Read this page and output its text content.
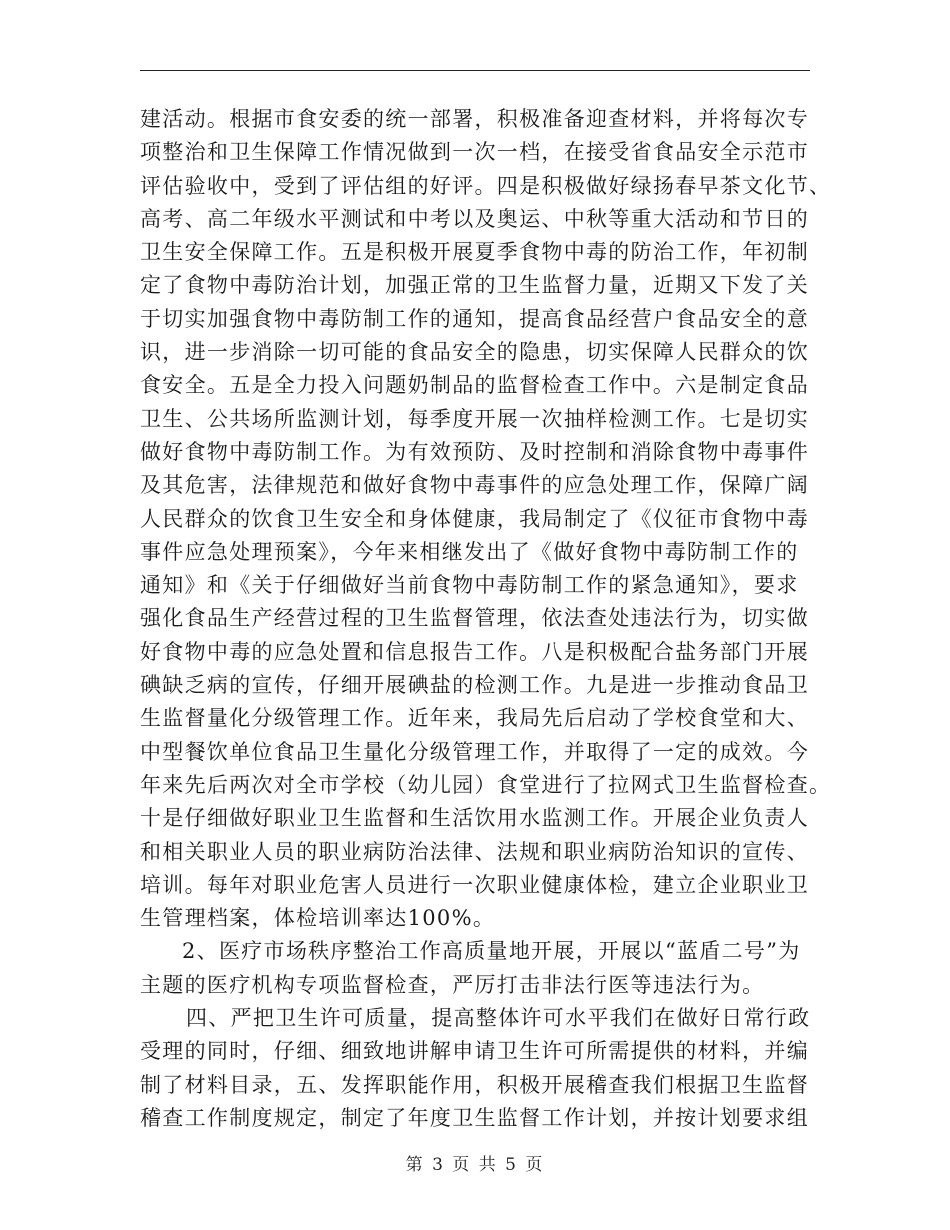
建活动。根据市食安委的统一部署，积极准备迎查材料，并将每次专
项整治和卫生保障工作情况做到一次一档，在接受省食品安全示范市
评估验收中，受到了评估组的好评。四是积极做好绿扬春早茶文化节、
高考、高二年级水平测试和中考以及奥运、中秋等重大活动和节日的
卫生安全保障工作。五是积极开展夏季食物中毒的防治工作，年初制
定了食物中毒防治计划，加强正常的卫生监督力量，近期又下发了关
于切实加强食物中毒防制工作的通知，提高食品经营户食品安全的意
识，进一步消除一切可能的食品安全的隐患，切实保障人民群众的饮
食安全。五是全力投入问题奶制品的监督检查工作中。六是制定食品
卫生、公共场所监测计划，每季度开展一次抽样检测工作。七是切实
做好食物中毒防制工作。为有效预防、及时控制和消除食物中毒事件
及其危害，法律规范和做好食物中毒事件的应急处理工作，保障广阔
人民群众的饮食卫生安全和身体健康，我局制定了《仪征市食物中毒
事件应急处理预案》，今年来相继发出了《做好食物中毒防制工作的
通知》和《关于仔细做好当前食物中毒防制工作的紧急通知》，要求
强化食品生产经营过程的卫生监督管理，依法查处违法行为，切实做
好食物中毒的应急处置和信息报告工作。八是积极配合盐务部门开展
碘缺乏病的宣传，仔细开展碘盐的检测工作。九是进一步推动食品卫
生监督量化分级管理工作。近年来，我局先后启动了学校食堂和大、
中型餐饮单位食品卫生量化分级管理工作，并取得了一定的成效。今
年来先后两次对全市学校（幼儿园）食堂进行了拉网式卫生监督检查。
十是仔细做好职业卫生监督和生活饮用水监测工作。开展企业负责人
和相关职业人员的职业病防治法律、法规和职业病防治知识的宣传、
培训。每年对职业危害人员进行一次职业健康体检，建立企业职业卫
生管理档案，体检培训率达100%。
2、医疗市场秩序整治工作高质量地开展，开展以“蓝盾二号”为
主题的医疗机构专项监督检查，严厉打击非法行医等违法行为。
四、严把卫生许可质量，提高整体许可水平我们在做好日常行政
受理的同时，仔细、细致地讲解申请卫生许可所需提供的材料，并编
制了材料目录，五、发挥职能作用，积极开展稽查我们根据卫生监督
稽查工作制度规定，制定了年度卫生监督工作计划，并按计划要求组
第 3 页 共 5 页
